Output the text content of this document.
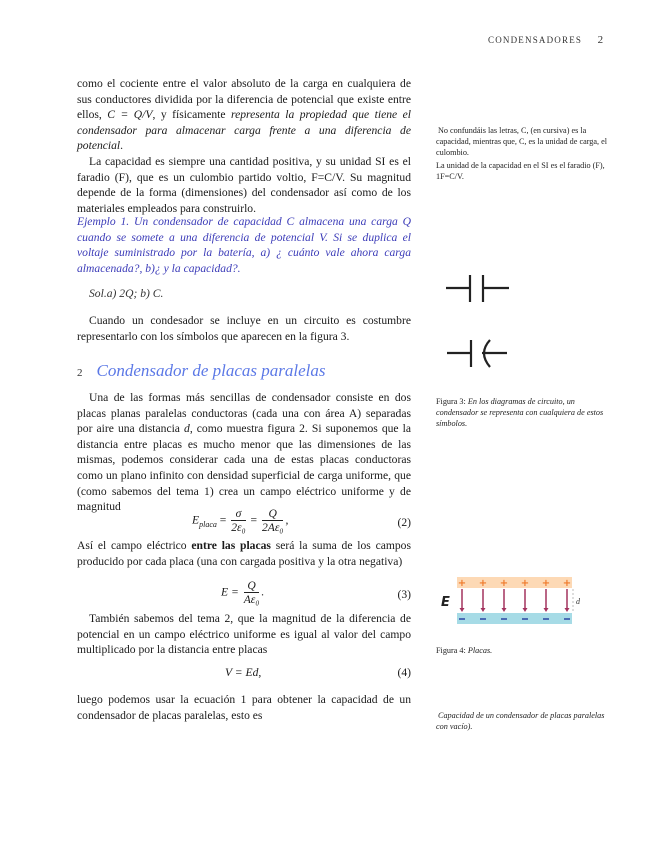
CONDENSADORES 2

como el cociente entre el valor absoluto de la carga en cualquiera de sus conductores dividida por la diferencia de potencial que existe entre ellos, C = Q/V, y físicamente representa la propiedad que tiene el condensador para almacenar carga frente a una diferencia de potencial.

La capacidad es siempre una cantidad positiva, y su unidad SI es el faradio (F), que es un culombio partido voltio, F=C/V. Su magnitud depende de la forma (dimensiones) del condensador así como de los materiales empleados para construirlo.

Ejemplo 1. Un condensador de capacidad C almacena una carga Q cuando se somete a una diferencia de potencial V. Si se duplica el voltaje suministrado por la batería, a) ¿ cuánto vale ahora carga almacenada?, b)¿ y la capacidad?.
Sol.a) 2Q; b) C.
Cuando un condesador se incluye en un circuito es costumbre representarlo con los símbolos que aparecen en la figura 3.
2 Condensador de placas paralelas
Una de las formas más sencillas de condensador consiste en dos placas planas paralelas conductoras (cada una con área A) separadas por aire una distancia d, como muestra figura 2. Si suponemos que la distancia entre placas es mucho menor que las dimensiones de las mismas, podemos considerar cada una de estas placas conductoras como un plano infinito con densidad superficial de carga uniforme, que (como sabemos del tema 1) crea un campo eléctrico uniforme y de magnitud
$E_{placa} = \frac{\sigma}{\text{2ε₀}} = \frac{Q}{\text{2Aε₀}}$ ,	(2)
Así el campo eléctrico entre las placas será la suma de los campos producido por cada placa (una con cargada positiva y la otra negativa)
$E = \frac{Q}{\text{Aε₀}}$ .	(3)
También sabemos del tema 2, que la magnitud de la diferencia de potencial en un campo eléctrico uniforme es igual al valor del campo multiplicado por la distancia entre placas
V = Ed,	(4)
luego podemos usar la ecuación 1 para obtener la capacidad de un condensador de placas paralelas, esto es

No confundáis las letras, C, (en cursiva) es la capacidad, mientras que, C, es la unidad de carga, el culombio.

La unidad de la capacidad en el SI es el faradio (F), 1F=C/V.

Figura 3: En los diagramas de circuito, un condensador se representa con cualquiera de estos símbolos.
+ + + + + +
E	d
Figura 4: Placas.
Capacidad de un condensador de placas paralelas con vacío).
